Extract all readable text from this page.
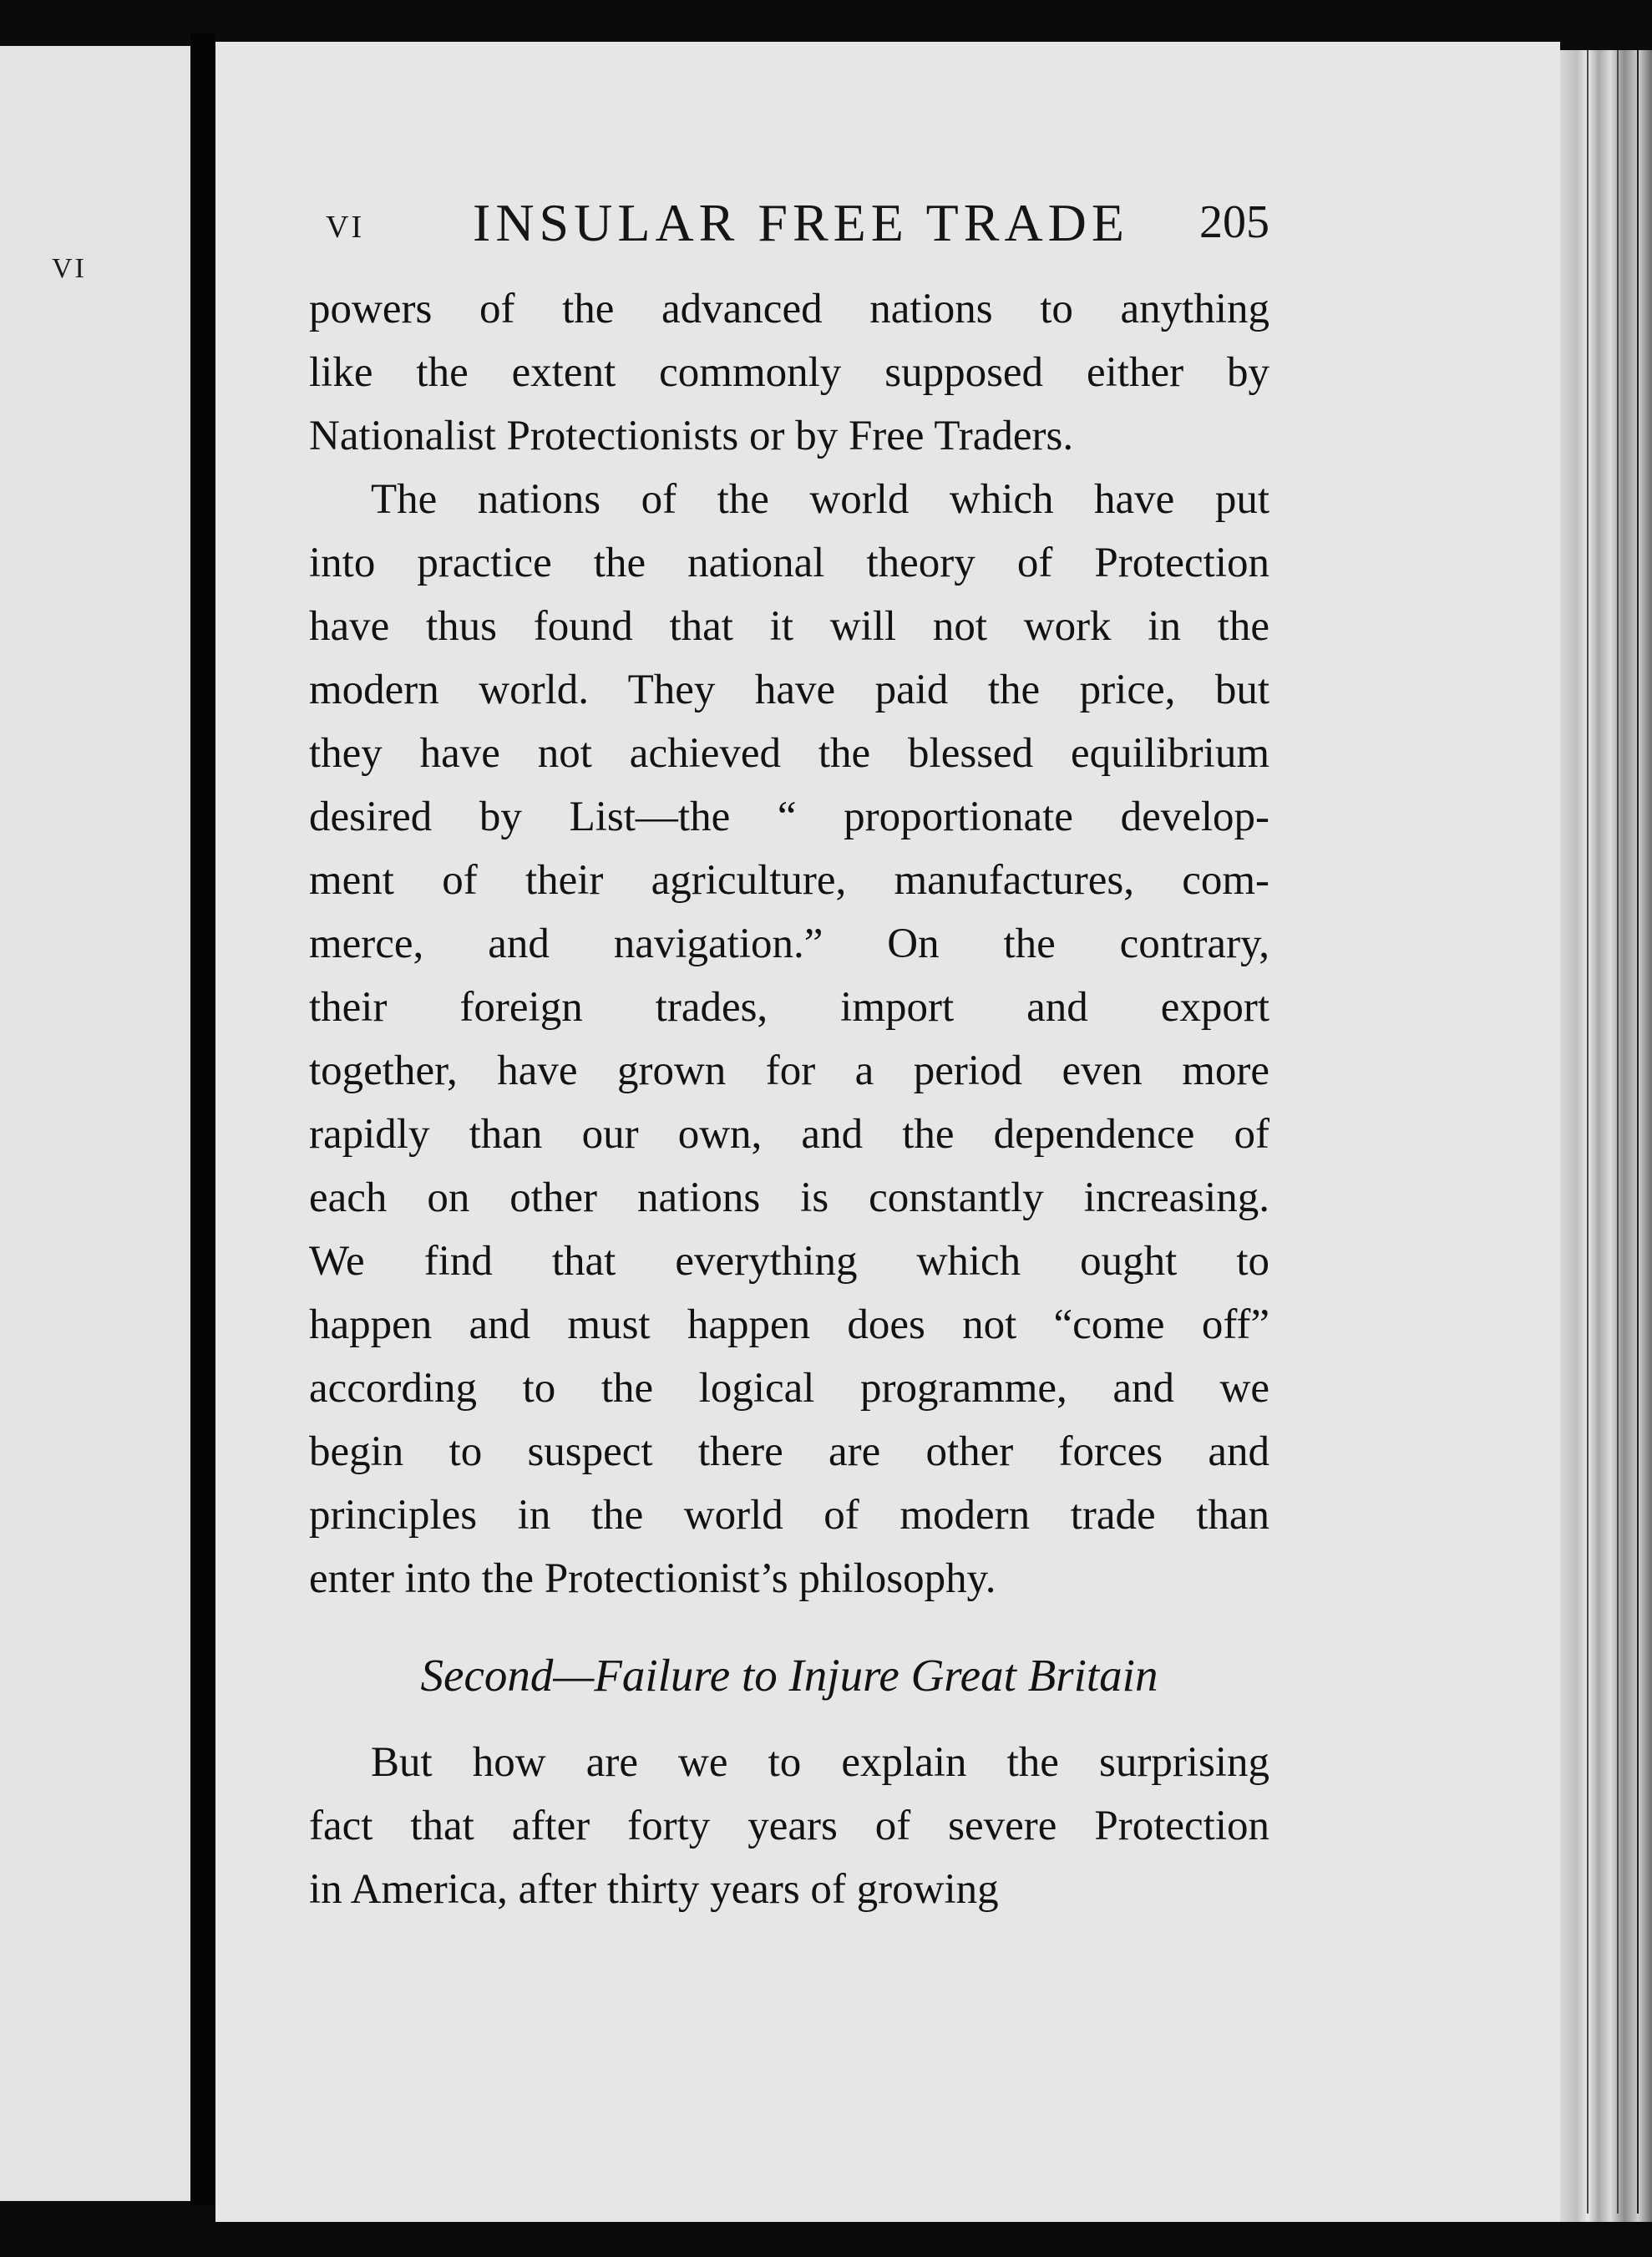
VI
VI INSULAR FREE TRADE 205
powers of the advanced nations to anything
like the extent commonly supposed either by
Nationalist Protectionists or by Free Traders.
The nations of the world which have put
into practice the national theory of Protection
have thus found that it will not work in the
modern world. They have paid the price, but
they have not achieved the blessed equilibrium
desired by List—the “ proportionate develop-
ment of their agriculture, manufactures, com-
merce, and navigation.” On the contrary,
their foreign trades, import and export
together, have grown for a period even more
rapidly than our own, and the dependence of
each on other nations is constantly increasing.
We find that everything which ought to
happen and must happen does not “come off”
according to the logical programme, and we
begin to suspect there are other forces and
principles in the world of modern trade than
enter into the Protectionist’s philosophy.
Second—Failure to Injure Great Britain
But how are we to explain the surprising
fact that after forty years of severe Protection
in America, after thirty years of growing
